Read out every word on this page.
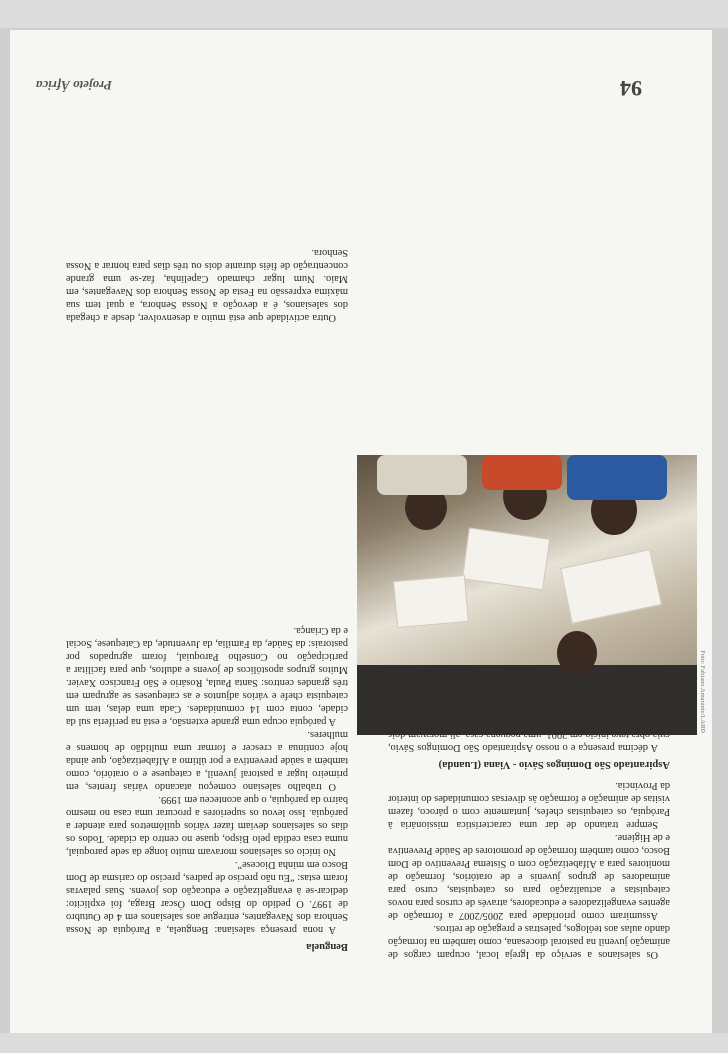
94
Projeto África
Benguela

A nona presença salesiana: Benguela, a Paróquia de Nossa Senhora dos Navegantes, entregue aos salesianos em 4 de Outubro de 1997. O pedido do Bispo Dom Óscar Braga, foi explícito: dedicar-se à evangelização e educação dos jovens. Suas palavras foram estas: “Eu não preciso de padres, preciso do carisma de Dom Bosco em minha Diocese”.

No início os salesianos moravam muito longe da sede paroquial, numa casa cedida pelo Bispo, quase no centro da cidade. Todos os dias os salesianos deviam fazer vários quilómetros para atender a paróquia. Isso levou os superiores a procurar uma casa no mesmo bairro da paróquia, o que aconteceu em 1999.

O trabalho salesiano começou atacando várias frentes, em primeiro lugar a pastoral juvenil, a catequese e o oratório, como também a saúde preventiva e por último a Alfabetização, que ainda hoje continua a crescer e formar uma multidão de homens e mulheres.

A paróquia ocupa uma grande extensão, e está na periferia sul da cidade, conta com 14 comunidades. Cada uma delas, tem um catequista chefe e vários adjuntos e as catequeses se agrupam em três grandes centros: Santa Paula, Rosário e São Francisco Xavier. Muitos grupos apostólicos de jovens e adultos, que para facilitar a participação no Conselho Paroquial, foram agrupados por pastorais: da Saúde, da Família, da Juventude, da Catequese, Social e da Criança.

Outra actividade que está muito a desenvolver, desde a chegada dos salesianos, é a devoção a Nossa Senhora, a qual tem sua máxima expressão na Festa de Nossa Senhora dos Navegantes, em Maio. Num lugar chamado Capelinha, faz-se uma grande concentração de fiéis durante dois ou três dias para honrar a Nossa Senhora.

Os salesianos a serviço da Igreja local, ocupam cargos de animação juvenil na pastoral diocesana, como também na formação dando aulas aos teólogos, palestras e pregação de retiros.

Assumiram como prioridade para 2005/2007 a formação de agentes evangelizadores e educadores, através de cursos para novos catequistas e actualização para os catequistas, curso para animadores de grupos juvenis e de oratórios, formação de monitores para a Alfabetização com o Sistema Preventivo de Dom Bosco, como também formação de promotores de Saúde Preventiva e de Higiene.

Sempre tratando de dar uma característica missionária à Paróquia, os catequistas chefes, juntamente com o pároco, fazem visitas de animação e formação às diversas comunidades do interior da Província.

Aspirantado São Domingos Sávio - Viana (Luanda)

A décima presença e o nosso Aspirantado São Domingos Sávio,

Foto: Fabiano Amarante/LABD
